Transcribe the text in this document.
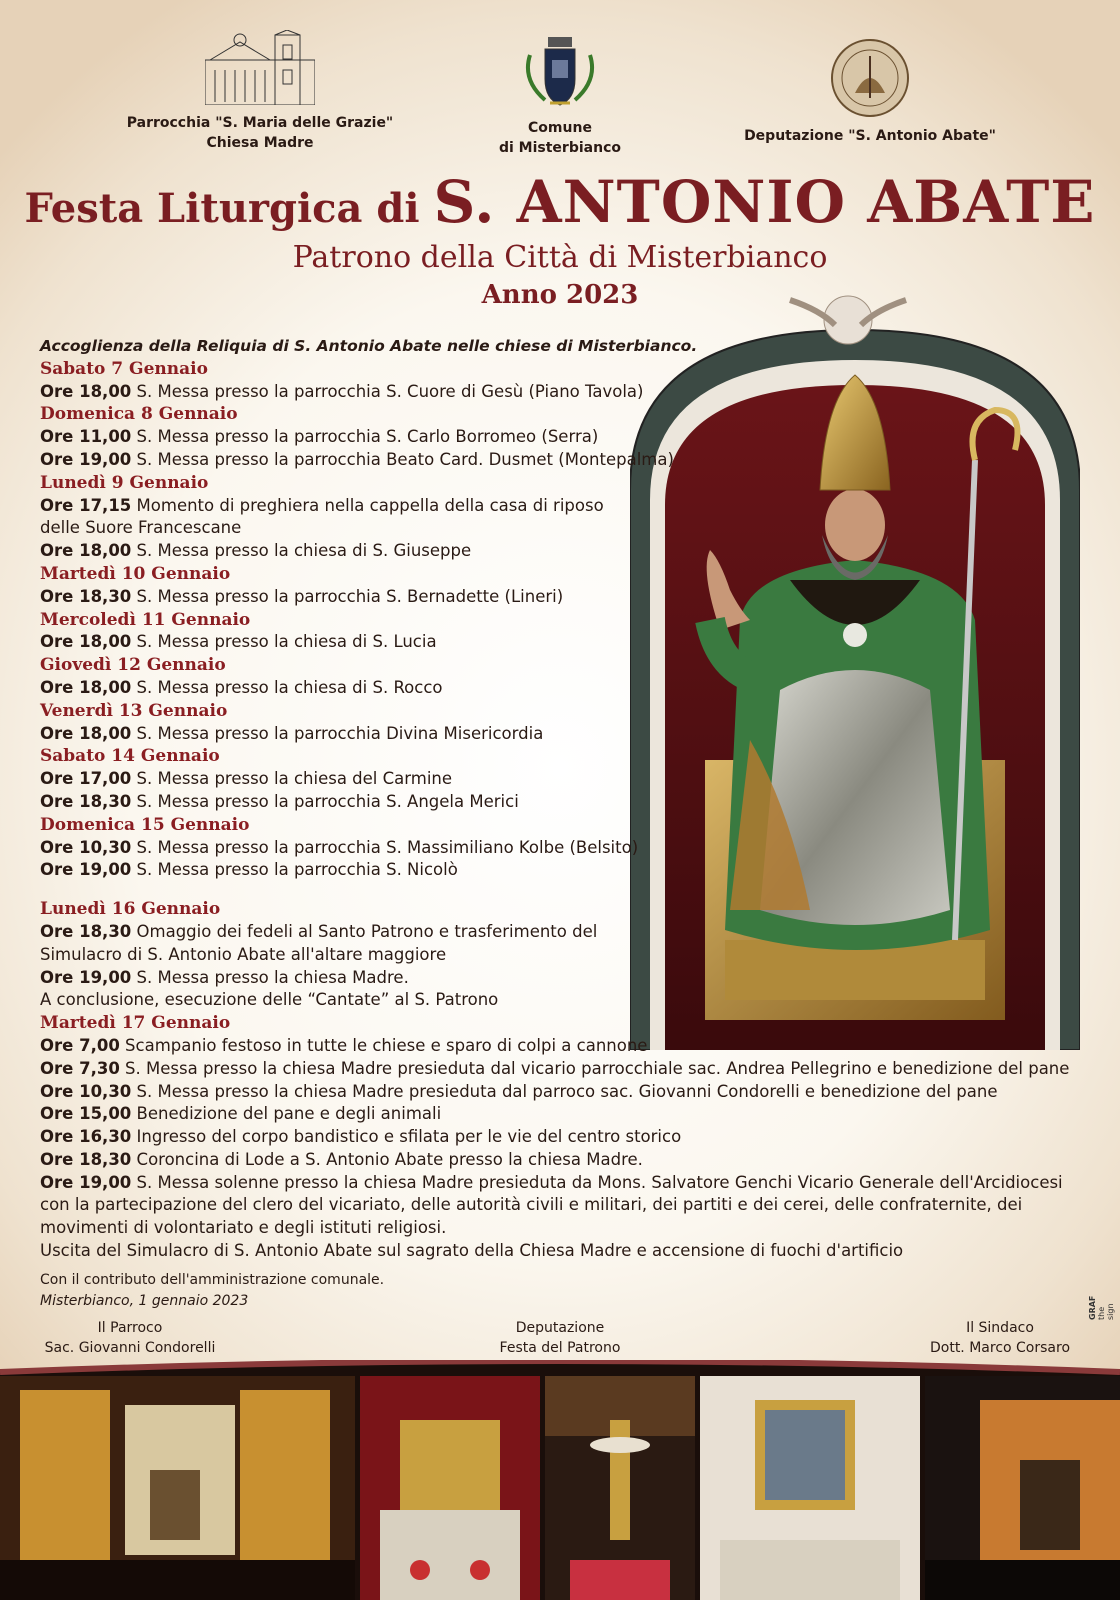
Parrocchia "S. Maria delle Grazie"
Chiesa Madre
Comune
di Misterbianco
Deputazione "S. Antonio Abate"
Festa Liturgica di S. ANTONIO ABATE
Patrono della Città di Misterbianco
Anno 2023
Accoglienza della Reliquia di S. Antonio Abate nelle chiese di Misterbianco.
Sabato 7 Gennaio
Ore 18,00 S. Messa presso la parrocchia S. Cuore di Gesù (Piano Tavola)
Domenica 8 Gennaio
Ore 11,00 S. Messa presso la parrocchia S. Carlo Borromeo (Serra)
Ore 19,00 S. Messa presso la parrocchia Beato Card. Dusmet (Montepalma)
Lunedì 9 Gennaio
Ore 17,15 Momento di preghiera nella cappella della casa di riposo delle Suore Francescane
Ore 18,00 S. Messa presso la chiesa di S. Giuseppe
Martedì 10 Gennaio
Ore 18,30 S. Messa presso la parrocchia S. Bernadette (Lineri)
Mercoledì 11 Gennaio
Ore 18,00 S. Messa presso la chiesa di S. Lucia
Giovedì 12 Gennaio
Ore 18,00 S. Messa presso la chiesa di S. Rocco
Venerdì 13 Gennaio
Ore 18,00 S. Messa presso la parrocchia Divina Misericordia
Sabato 14 Gennaio
Ore 17,00 S. Messa presso la chiesa del Carmine
Ore 18,30 S. Messa presso la parrocchia S. Angela Merici
Domenica 15 Gennaio
Ore 10,30 S. Messa presso la parrocchia S. Massimiliano Kolbe (Belsito)
Ore 19,00 S. Messa presso la parrocchia S. Nicolò
Lunedì 16 Gennaio
Ore 18,30 Omaggio dei fedeli al Santo Patrono e trasferimento del Simulacro di S. Antonio Abate all'altare maggiore
Ore 19,00 S. Messa presso la chiesa Madre.
A conclusione, esecuzione delle “Cantate” al S. Patrono
Martedì 17 Gennaio
Ore 7,00 Scampanio festoso in tutte le chiese e sparo di colpi a cannone
Ore 7,30 S. Messa presso la chiesa Madre presieduta dal vicario parrocchiale sac. Andrea Pellegrino e benedizione del pane
Ore 10,30 S. Messa presso la chiesa Madre presieduta dal parroco sac. Giovanni Condorelli e benedizione del pane
Ore 15,00 Benedizione del pane e degli animali
Ore 16,30 Ingresso del corpo bandistico e sfilata per le vie del centro storico
Ore 18,30 Coroncina di Lode a S. Antonio Abate presso la chiesa Madre.
Ore 19,00 S. Messa solenne presso la chiesa Madre presieduta da Mons. Salvatore Genchi Vicario Generale dell'Arcidiocesi con la partecipazione del clero del vicariato, delle autorità civili e militari, dei partiti e dei cerei, delle confraternite, dei movimenti di volontariato e degli istituti religiosi.
Uscita del Simulacro di S. Antonio Abate sul sagrato della Chiesa Madre e accensione di fuochi d'artificio
Con il contributo dell'amministrazione comunale.
Misterbianco, 1 gennaio 2023
Il Parroco
Sac. Giovanni Condorelli
Deputazione
Festa del Patrono
Il Sindaco
Dott. Marco Corsaro
GRAF the sign
